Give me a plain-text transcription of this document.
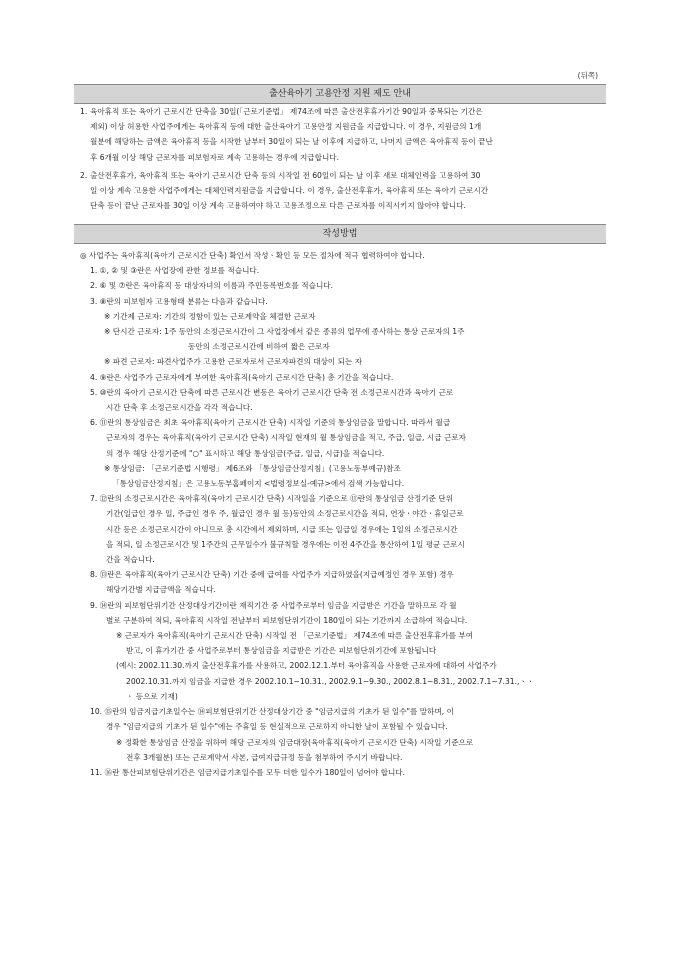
(뒤쪽)
출산육아기 고용안정 지원 제도 안내
1. 육아휴직 또는 육아기 근로시간 단축을 30일(「근로기준법」 제74조에 따른 출산전후휴가기간 90일과 중복되는 기간은
제외) 이상 허용한 사업주에게는 육아휴직 등에 대한 출산육아기 고용안정 지원금을 지급합니다. 이 경우, 지원금의 1개
월분에 해당하는 금액은 육아휴직 등을 시작한 날부터 30일이 되는 날 이후에 지급하고, 나머지 금액은 육아휴직 등이 끝난
후 6개월 이상 해당 근로자를 피보험자로 계속 고용하는 경우에 지급합니다.
2. 출산전후휴가, 육아휴직 또는 육아기 근로시간 단축 등의 시작일 전 60일이 되는 날 이후 새로 대체인력을 고용하여 30
일 이상 계속 고용한 사업주에게는 대체인력지원금을 지급합니다. 이 경우, 출산전후휴가, 육아휴직 또는 육아기 근로시간
단축 등이 끝난 근로자를 30일 이상 계속 고용하여야 하고 고용조정으로 다른 근로자를 이직시키지 않아야 합니다.
작성방법
◎ 사업주는 육아휴직(육아기 근로시간 단축) 확인서 작성ㆍ확인 등 모든 절차에 적극 협력하여야 합니다.
1. ①, ② 및 ③란은 사업장에 관한 정보를 적습니다.
2. ⑥ 및 ⑦란은 육아휴직 등 대상자녀의 이름과 주민등록번호를 적습니다.
3. ⑧란의 피보험자 고용형태 분류는 다음과 같습니다.
※ 기간제 근로자: 기간의 정함이 있는 근로계약을 체결한 근로자
※ 단시간 근로자: 1주 동안의 소정근로시간이 그 사업장에서 같은 종류의 업무에 종사하는 통상 근로자의 1주
동안의 소정근로시간에 비하여 짧은 근로자
※ 파견 근로자: 파견사업주가 고용한 근로자로서 근로자파견의 대상이 되는 자
4. ⑨란은 사업주가 근로자에게 부여한 육아휴직(육아기 근로시간 단축) 총 기간을 적습니다.
5. ⑩란의 육아기 근로시간 단축에 따른 근로시간 변동은 육아기 근로시간 단축 전 소정근로시간과 육아기 근로
시간 단축 후 소정근로시간을 각각 적습니다.
6. ⑪란의 통상임금은 최초 육아휴직(육아기 근로시간 단축) 시작일 기준의 통상임금을 말합니다. 따라서 월급
근로자의 경우는 육아휴직(육아기 근로시간 단축) 시작일 현재의 월 통상임금을 적고, 주급, 일급, 시급 근로자
의 경우 해당 산정기준에 "○" 표시하고 해당 통상임금(주급, 일급, 시급)을 적습니다.
※ 통상임금: 「근로기준법 시행령」 제6조와 「통상임금산정지침」(고용노동부예규)참조
「통상임금산정지침」은 고용노동부홈페이지 <법령정보실-예규>에서 검색 가능합니다.
7. ⑫란의 소정근로시간은 육아휴직(육아기 근로시간 단축) 시작일을 기준으로 ⑪란의 통상임금 산정기준 단위
기간(일급인 경우 일, 주급인 경우 주, 월급인 경우 월 등)동안의 소정근로시간을 적되, 연장ㆍ야간ㆍ휴일근로
시간 등은 소정근로시간이 아니므로 총 시간에서 제외하며, 시급 또는 일급일 경우에는 1일의 소정근로시간
을 적되, 일 소정근로시간 및 1주간의 근무일수가 불규칙할 경우에는 이전 4주간을 통산하여 1일 평균 근로시
간을 적습니다.
8. ⑬란은 육아휴직(육아기 근로시간 단축) 기간 중에 급여를 사업주가 지급하였을(지급예정인 경우 포함) 경우
해당기간별 지급금액을 적습니다.
9. ⑭란의 피보험단위기간 산정대상기간이란 재직기간 중 사업주로부터 임금을 지급받은 기간을 말하므로 각 월
별로 구분하여 적되, 육아휴직 시작일 전날부터 피보험단위기간이 180일이 되는 기간까지 소급하여 적습니다.
※ 근로자가 육아휴직(육아기 근로시간 단축) 시작일 전 「근로기준법」 제74조에 따른 출산전후휴가를 부여
받고, 이 휴가기간 중 사업주로부터 통상임금을 지급받은 기간은 피보험단위기간에 포함됩니다
(예시: 2002.11.30.까지 출산전후휴가를 사용하고, 2002.12.1.부터 육아휴직을 사용한 근로자에 대하여 사업주가
2002.10.31.까지 임금을 지급한 경우 2002.10.1~10.31., 2002.9.1~9.30., 2002.8.1~8.31., 2002.7.1~7.31.,ㆍㆍ
ㆍ 등으로 기재)
10. ⑮란의 임금지급기초일수는 ⑭피보험단위기간 산정대상기간 중 "임금지급의 기초가 된 일수"를 말하며, 이
경우 "임금지급의 기초가 된 일수"에는 주휴일 등 현실적으로 근로하지 아니한 날이 포함될 수 있습니다.
※ 정확한 통상임금 산정을 위하여 해당 근로자의 임금대장(육아휴직(육아기 근로시간 단축) 시작일 기준으로
전후 3개월분) 또는 근로계약서 사본, 급여지급규정 등을 첨부하여 주시기 바랍니다.
11. ⑯란 통산피보험단위기간은 임금지급기초일수를 모두 더한 일수가 180일이 넘어야 합니다.
